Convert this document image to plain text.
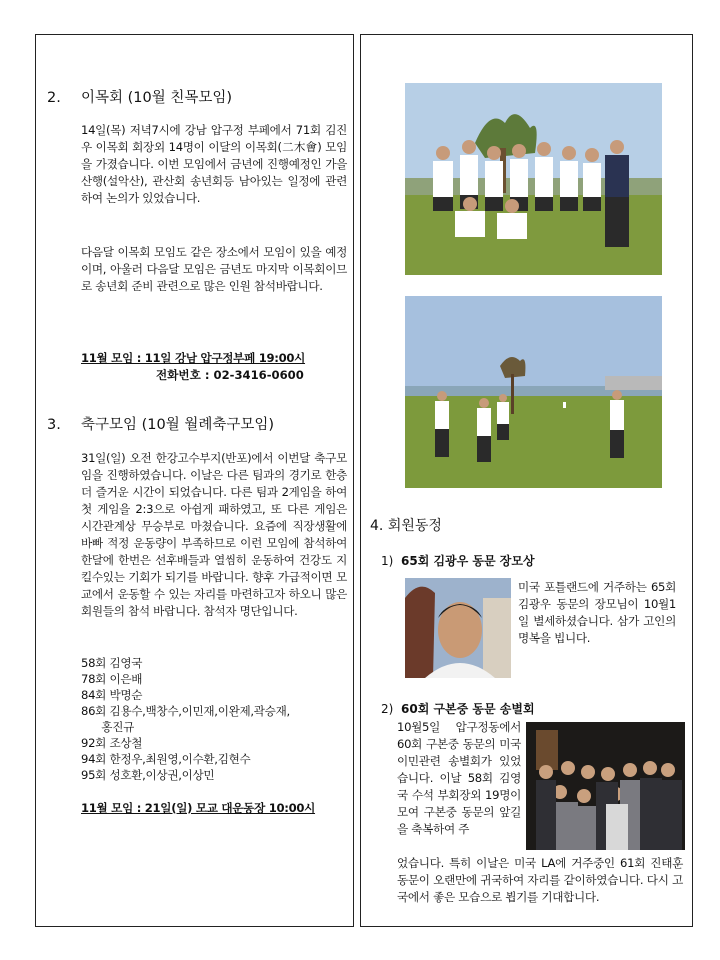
2. 이목회 (10월 친목모임)

14일(목) 저녁7시에 강남 압구정 부페에서 71회 김진우 이목회 회장외 14명이 이달의 이목회(二木會) 모임을 가졌습니다. 이번 모임에서 금년에 진행예정인 가을 산행(설악산), 관산회 송년회등 남아있는 일정에 관련하여 논의가 있었습니다.

다음달 이목회 모임도 같은 장소에서 모임이 있을 예정이며, 아울러 다음달 모임은 금년도 마지막 이목회이므로 송년회 준비 관련으로 많은 인원 참석바랍니다.

11월 모임 : 11일 강남 압구정부페 19:00시
전화번호 : 02-3416-0600
3. 축구모임 (10월 월례축구모임)

31일(일) 오전 한강고수부지(반포)에서 이번달 축구모임을 진행하였습니다. 이날은 다른 팀과의 경기로 한층 더 즐거운 시간이 되었습니다. 다른 팀과 2게임을 하여 첫 게임을 2:3으로 아쉽게 패하였고, 또 다른 게임은 시간관계상 무승부로 마쳤습니다. 요즘에 직장생활에 바빠 적정 운동량이 부족하므로 이런 모임에 참석하여 한달에 한번은 선후배들과 열씸히 운동하여 건강도 지킬수있는 기회가 되기를 바랍니다. 향후 가급적이면 모교에서 운동할 수 있는 자리를 마련하고자 하오니 많은 회원들의 참석 바랍니다. 참석자 명단입니다.

58회 김영국
78회 이은배
84회 박명순
86회 김용수,백창수,이민재,이완제,곽승재,
홍진규
92회 조상철
94회 한정우,최원영,이수환,김현수
95회 성호환,이상권,이상민
11월 모임 : 21일(일) 모교 대운동장 10:00시
4. 회원동정
1) 65회 김광우 동문 장모상

미국 포틀랜드에 거주하는 65회 김광우 동문의 장모님이 10월1일 별세하셨습니다. 삼가 고인의 명복을 빕니다.

2) 60회 구본중 동문 송별회

10월5일 압구정동에서 60회 구본중 동문의 미국 이민관련 송별회가 있었습니다. 이날 58회 김영국 수석 부회장외 19명이 모여 구본중 동문의 앞길을 축복하여 주

었습니다. 특히 이날은 미국 LA에 거주중인 61회 진태훈 동문이 오랜만에 귀국하여 자리를 같이하였습니다. 다시 고국에서 좋은 모습으로 뵙기를 기대합니다.
